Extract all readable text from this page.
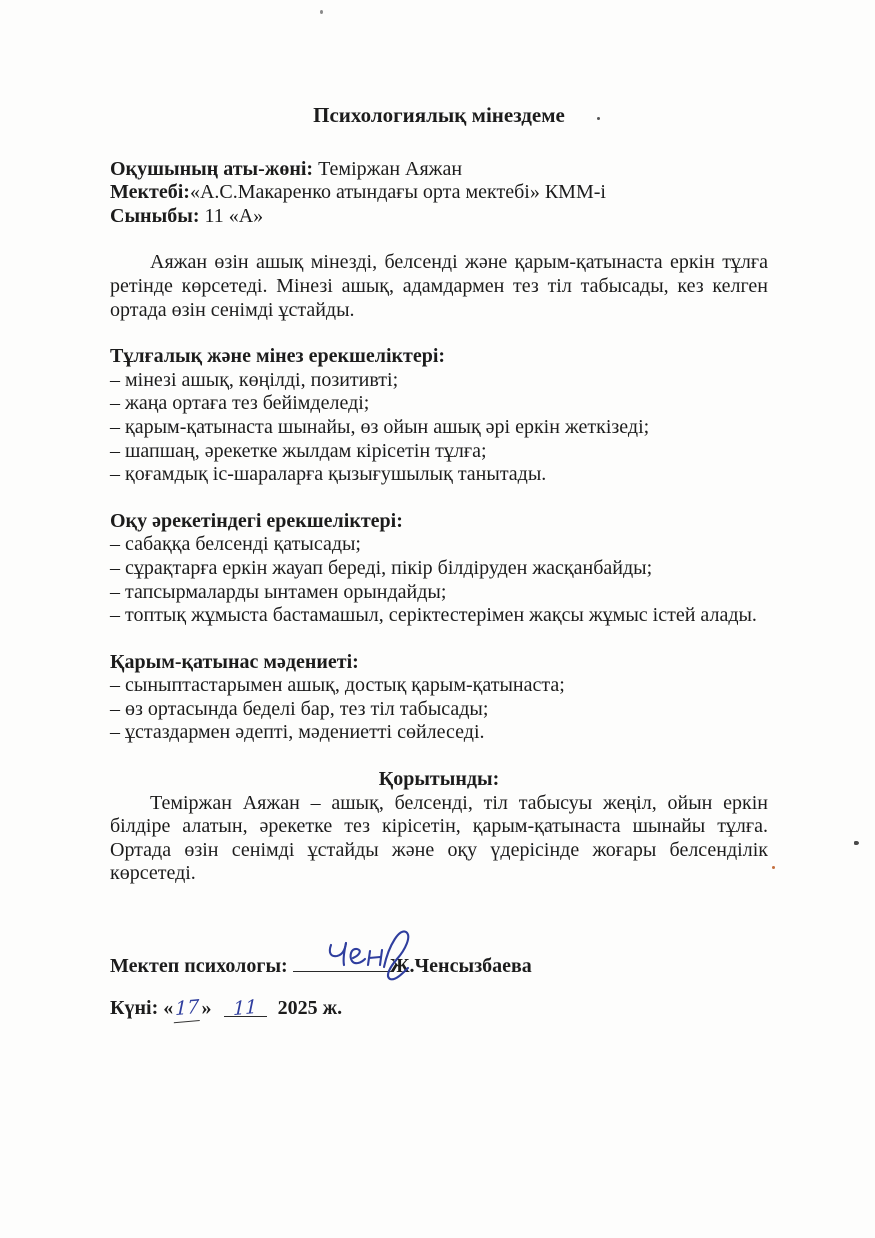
Психологиялық мінездеме
Оқушының аты-жөні: Теміржан Аяжан
Мектебі:«А.С.Макаренко атындағы орта мектебі» КММ-і
Сыныбы: 11 «А»

Аяжан өзін ашық мінезді, белсенді және қарым-қатынаста еркін тұлға ретінде көрсетеді. Мінезі ашық, адамдармен тез тіл табысады, кез келген ортада өзін сенімді ұстайды.

Тұлғалық және мінез ерекшеліктері:
– мінезі ашық, көңілді, позитивті;
– жаңа ортаға тез бейімделеді;
– қарым-қатынаста шынайы, өз ойын ашық әрі еркін жеткізеді;
– шапшаң, әрекетке жылдам кірісетін тұлға;
– қоғамдық іс-шараларға қызығушылық танытады.
Оқу әрекетіндегі ерекшеліктері:
– сабаққа белсенді қатысады;
– сұрақтарға еркін жауап береді, пікір білдіруден жасқанбайды;
– тапсырмаларды ынтамен орындайды;
– топтық жұмыста бастамашыл, серіктестерімен жақсы жұмыс істей алады.
Қарым-қатынас мәдениеті:
– сыныптастарымен ашық, достық қарым-қатынаста;
– өз ортасында беделі бар, тез тіл табысады;
– ұстаздармен әдепті, мәдениетті сөйлеседі.
Қорытынды:

Теміржан Аяжан – ашық, белсенді, тіл табысуы жеңіл, ойын еркін білдіре алатын, әрекетке тез кірісетін, қарым-қатынаста шынайы тұлға. Ортада өзін сенімді ұстайды және оқу үдерісінде жоғары белсенділік көрсетеді.

Мектеп психологы:	Ж.Ченсызбаева
Күні: «17» 11 2025 ж.
